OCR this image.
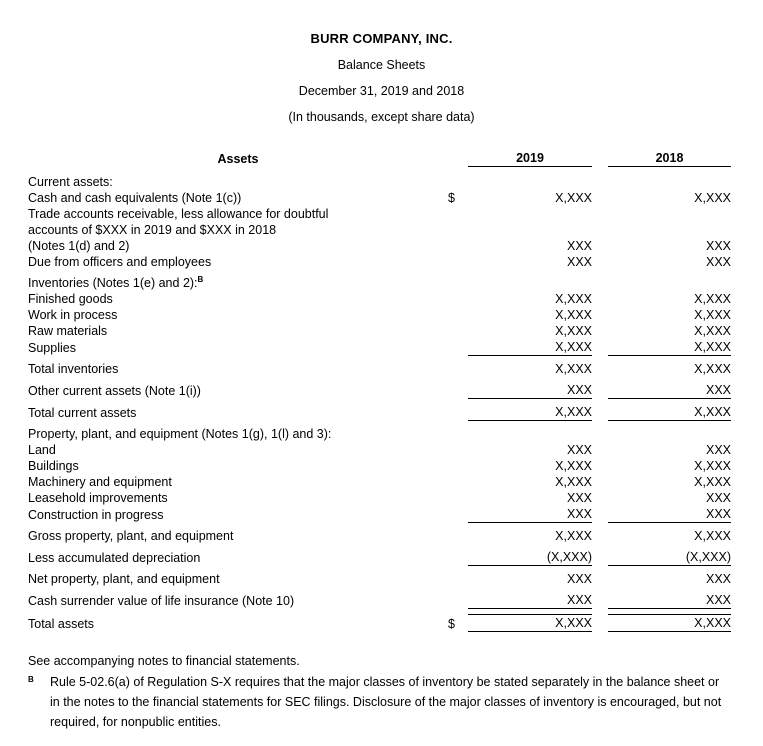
BURR COMPANY, INC.
Balance Sheets
December 31, 2019 and 2018
(In thousands, except share data)
Assets		2019		2018

Current assets:				
Cash and cash equivalents (Note 1(c))	$	X,XXX		X,XXX
Trade accounts receivable, less allowance for doubtful				
accounts of $XXX in 2019 and $XXX in 2018				
(Notes 1(d) and 2)		XXX		XXX
Due from officers and employees		XXX		XXX

Inventories (Notes 1(e) and 2):$^B$				
Finished goods		X,XXX		X,XXX
Work in process		X,XXX		X,XXX
Raw materials		X,XXX		X,XXX
Supplies		X,XXX		X,XXX

Total inventories		X,XXX		X,XXX

Other current assets (Note 1(i))		XXX		XXX

Total current assets		X,XXX		X,XXX

Property, plant, and equipment (Notes 1(g), 1(l) and 3):				
Land		XXX		XXX
Buildings		X,XXX		X,XXX
Machinery and equipment		X,XXX		X,XXX
Leasehold improvements		XXX		XXX
Construction in progress		XXX		XXX

Gross property, plant, and equipment		X,XXX		X,XXX

Less accumulated depreciation		(X,XXX)		(X,XXX)

Net property, plant, and equipment		XXX		XXX

Cash surrender value of life insurance (Note 10)		XXX		XXX

Total assets	$	X,XXX		X,XXX

See accompanying notes to financial statements.

B Rule 5-02.6(a) of Regulation S-X requires that the major classes of inventory be stated separately in the balance sheet or in the notes to the financial statements for SEC filings. Disclosure of the major classes of inventory is encouraged, but not required, for nonpublic entities.
